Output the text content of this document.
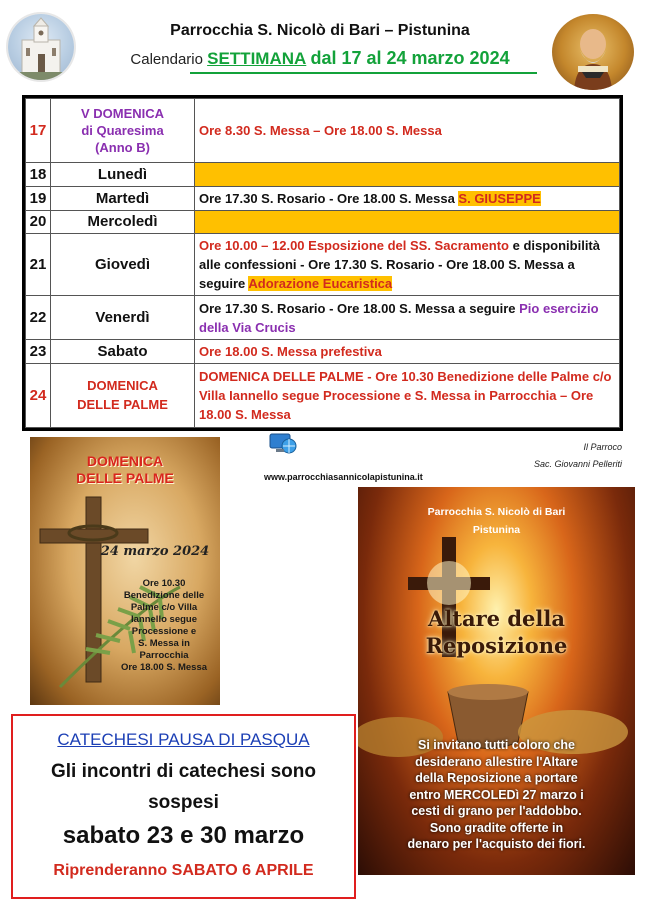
Parrocchia S. Nicolò di Bari – Pistunina
Calendario SETTIMANA dal 17 al 24 marzo 2024
17	V DOMENICA
di Quaresima
(Anno B)	Ore 8.30 S. Messa – Ore 18.00 S. Messa
18	Lunedì	
19	Martedì	Ore 17.30 S. Rosario - Ore 18.00 S. Messa S. GIUSEPPE
20	Mercoledì	
21	Giovedì	Ore 10.00 – 12.00 Esposizione del SS. Sacramento e disponibilità alle confessioni - Ore 17.30 S. Rosario - Ore 18.00 S. Messa a seguire Adorazione Eucaristica
22	Venerdì	Ore 17.30 S. Rosario - Ore 18.00 S. Messa a seguire Pio esercizio della Via Crucis
23	Sabato	Ore 18.00 S. Messa prefestiva
24	DOMENICA
DELLE PALME	DOMENICA DELLE PALME - Ore 10.30 Benedizione delle Palme c/o Villa Iannello segue Processione e S. Messa in Parrocchia – Ore 18.00 S. Messa
DOMENICA
DELLE PALME
24 marzo 2024
Ore 10.30
Benedizione delle
Palme c/o Villa
Iannello segue
Processione e
S. Messa in
Parrocchia
Ore 18.00 S. Messa
www.parrocchiasannicolapistunina.it
Il Parroco
Sac. Giovanni Pelleriti
Parrocchia S. Nicolò di Bari
Pistunina
Altare della
Reposizione
Si invitano tutti coloro che
desiderano allestire l'Altare
della Reposizione a portare
entro MERCOLEDì 27 marzo i
cesti di grano per l'addobbo.
Sono gradite offerte in
denaro per l'acquisto dei fiori.
CATECHESI PAUSA DI PASQUA
Gli incontri di catechesi sono
sospesi
sabato 23 e 30 marzo
Riprenderanno SABATO 6 APRILE
